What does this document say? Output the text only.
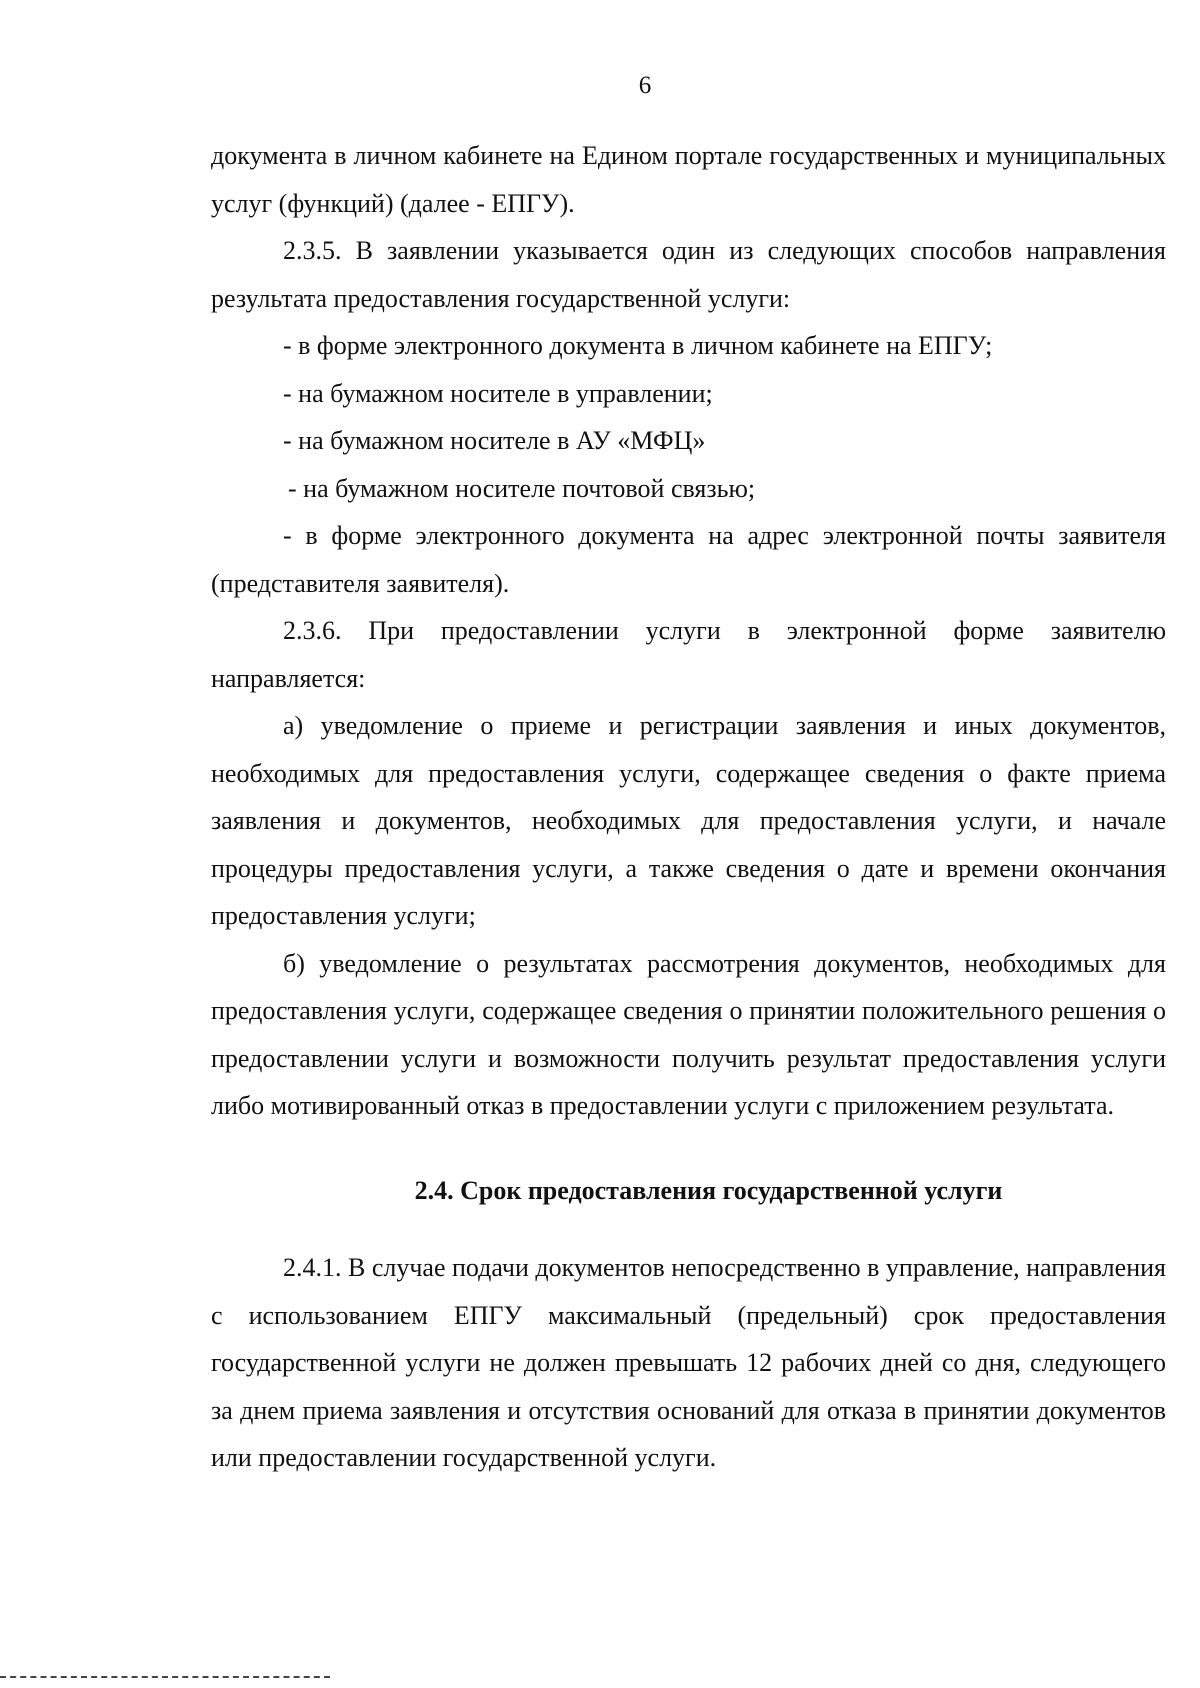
6

документа в личном кабинете на Едином портале государственных и муниципальных услуг (функций) (далее - ЕПГУ).

2.3.5. В заявлении указывается один из следующих способов направления результата предоставления государственной услуги:

- в форме электронного документа в личном кабинете на ЕПГУ;

- на бумажном носителе в управлении;

- на бумажном носителе в АУ «МФЦ»

- на бумажном носителе почтовой связью;

- в форме электронного документа на адрес электронной почты заявителя (представителя заявителя).

2.3.6. При предоставлении услуги в электронной форме заявителю направляется:

а) уведомление о приеме и регистрации заявления и иных документов, необходимых для предоставления услуги, содержащее сведения о факте приема заявления и документов, необходимых для предоставления услуги, и начале процедуры предоставления услуги, а также сведения о дате и времени окончания предоставления услуги;

б) уведомление о результатах рассмотрения документов, необходимых для предоставления услуги, содержащее сведения о принятии положительного решения о предоставлении услуги и возможности получить результат предоставления услуги либо мотивированный отказ в предоставлении услуги с приложением результата.

2.4. Срок предоставления государственной услуги

2.4.1. В случае подачи документов непосредственно в управление, направления с использованием ЕПГУ максимальный (предельный) срок предоставления государственной услуги не должен превышать 12 рабочих дней со дня, следующего за днем приема заявления и отсутствия оснований для отказа в принятии документов или предоставлении государственной услуги.
